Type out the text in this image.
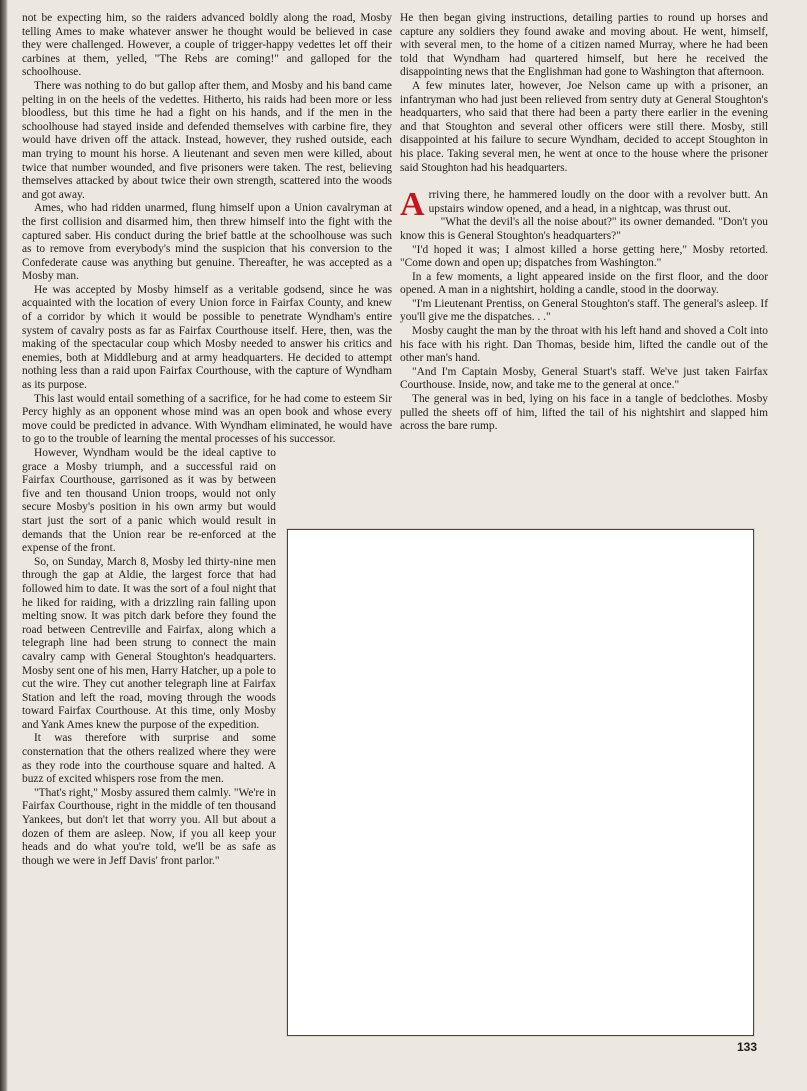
not be expecting him, so the raiders advanced boldly along the road, Mosby telling Ames to make whatever answer he thought would be believed in case they were challenged. However, a couple of trigger-happy vedettes let off their carbines at them, yelled, "The Rebs are coming!" and galloped for the schoolhouse.

There was nothing to do but gallop after them, and Mosby and his band came pelting in on the heels of the vedettes. Hitherto, his raids had been more or less bloodless, but this time he had a fight on his hands, and if the men in the schoolhouse had stayed inside and defended themselves with carbine fire, they would have driven off the attack. Instead, however, they rushed outside, each man trying to mount his horse. A lieutenant and seven men were killed, about twice that number wounded, and five prisoners were taken. The rest, believing themselves attacked by about twice their own strength, scattered into the woods and got away.

Ames, who had ridden unarmed, flung himself upon a Union cavalryman at the first collision and disarmed him, then threw himself into the fight with the captured saber. His conduct during the brief battle at the schoolhouse was such as to remove from everybody's mind the suspicion that his conversion to the Confederate cause was anything but genuine. Thereafter, he was accepted as a Mosby man.

He was accepted by Mosby himself as a veritable godsend, since he was acquainted with the location of every Union force in Fairfax County, and knew of a corridor by which it would be possible to penetrate Wyndham's entire system of cavalry posts as far as Fairfax Courthouse itself. Here, then, was the making of the spectacular coup which Mosby needed to answer his critics and enemies, both at Middleburg and at army headquarters. He decided to attempt nothing less than a raid upon Fairfax Courthouse, with the capture of Wyndham as its purpose.

This last would entail something of a sacrifice, for he had come to esteem Sir Percy highly as an opponent whose mind was an open book and whose every move could be predicted in advance. With Wyndham eliminated, he would have to go to the trouble of learning the mental processes of his successor.

However, Wyndham would be the ideal captive to grace a Mosby triumph, and a successful raid on Fairfax Courthouse, garrisoned as it was by between five and ten thousand Union troops, would not only secure Mosby's position in his own army but would start just the sort of a panic which would result in demands that the Union rear be re-enforced at the expense of the front.

So, on Sunday, March 8, Mosby led thirty-nine men through the gap at Aldie, the largest force that had followed him to date. It was the sort of a foul night that he liked for raiding, with a drizzling rain falling upon melting snow. It was pitch dark before they found the road between Centreville and Fairfax, along which a telegraph line had been strung to connect the main cavalry camp with General Stoughton's headquarters. Mosby sent one of his men, Harry Hatcher, up a pole to cut the wire. They cut another telegraph line at Fairfax Station and left the road, moving through the woods toward Fairfax Courthouse. At this time, only Mosby and Yank Ames knew the purpose of the expedition.

It was therefore with surprise and some consternation that the others realized where they were as they rode into the courthouse square and halted. A buzz of excited whispers rose from the men.

"That's right," Mosby assured them calmly. "We're in Fairfax Courthouse, right in the middle of ten thousand Yankees, but don't let that worry you. All but about a dozen of them are asleep. Now, if you all keep your heads and do what you're told, we'll be as safe as though we were in Jeff Davis' front parlor."

He then began giving instructions, detailing parties to round up horses and capture any soldiers they found awake and moving about. He went, himself, with several men, to the home of a citizen named Murray, where he had been told that Wyndham had quartered himself, but here he received the disappointing news that the Englishman had gone to Washington that afternoon.

A few minutes later, however, Joe Nelson came up with a prisoner, an infantryman who had just been relieved from sentry duty at General Stoughton's headquarters, who said that there had been a party there earlier in the evening and that Stoughton and several other officers were still there. Mosby, still disappointed at his failure to secure Wyndham, decided to accept Stoughton in his place. Taking several men, he went at once to the house where the prisoner said Stoughton had his headquarters.

Arriving there, he hammered loudly on the door with a revolver butt. An upstairs window opened, and a head, in a nightcap, was thrust out.

"What the devil's all the noise about?" its owner demanded. "Don't you know this is General Stoughton's headquarters?"

"I'd hoped it was; I almost killed a horse getting here," Mosby retorted. "Come down and open up; dispatches from Washington."

In a few moments, a light appeared inside on the first floor, and the door opened. A man in a nightshirt, holding a candle, stood in the doorway.

"I'm Lieutenant Prentiss, on General Stoughton's staff. The general's asleep. If you'll give me the dispatches. . ."

Mosby caught the man by the throat with his left hand and shoved a Colt into his face with his right. Dan Thomas, beside him, lifted the candle out of the other man's hand.

"And I'm Captain Mosby, General Stuart's staff. We've just taken Fairfax Courthouse. Inside, now, and take me to the general at once."

The general was in bed, lying on his face in a tangle of bedclothes. Mosby pulled the sheets off of him, lifted the tail of his nightshirt and slapped him across the bare rump.

133
